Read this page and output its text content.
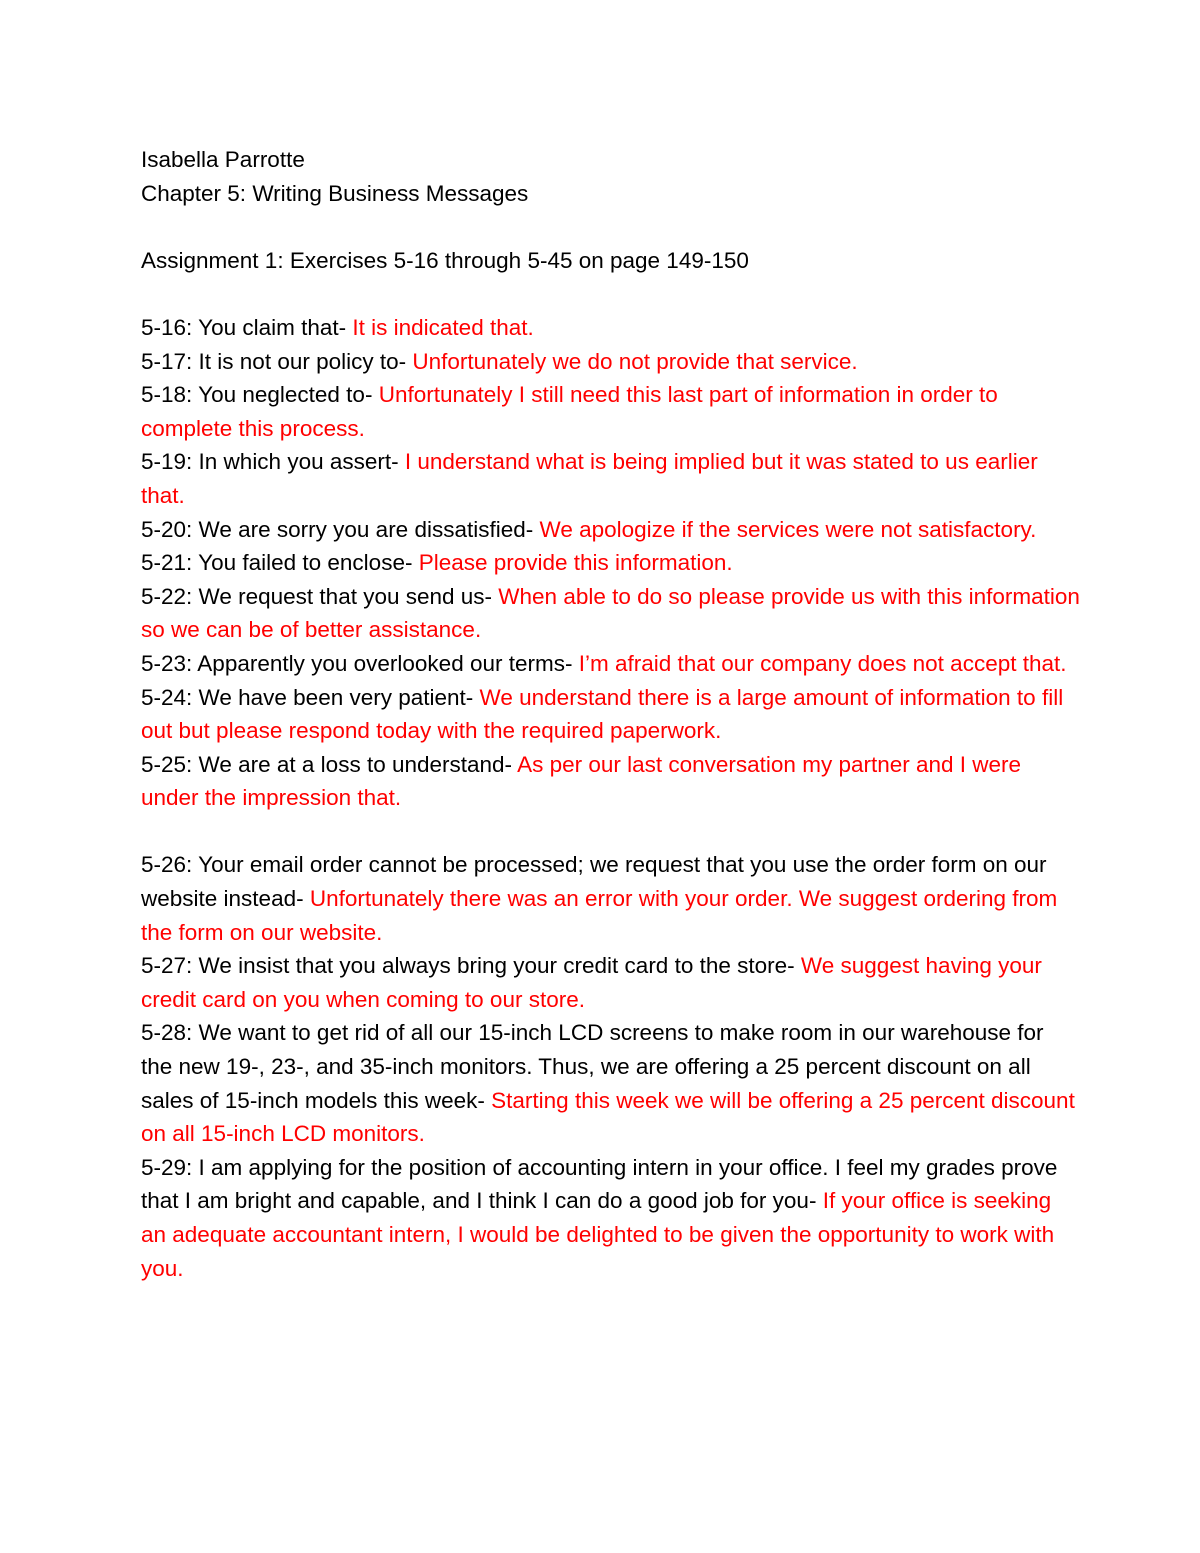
Isabella Parrotte

Chapter 5: Writing Business Messages

Assignment 1: Exercises 5-16 through 5-45 on page 149-150

5-16: You claim that- It is indicated that.

5-17: It is not our policy to- Unfortunately we do not provide that service.

5-18: You neglected to- Unfortunately I still need this last part of information in order to complete this process.

5-19: In which you assert- I understand what is being implied but it was stated to us earlier that.

5-20: We are sorry you are dissatisfied- We apologize if the services were not satisfactory.

5-21: You failed to enclose- Please provide this information.

5-22: We request that you send us- When able to do so please provide us with this information so we can be of better assistance.

5-23: Apparently you overlooked our terms- I’m afraid that our company does not accept that.

5-24: We have been very patient- We understand there is a large amount of information to fill out but please respond today with the required paperwork.

5-25: We are at a loss to understand- As per our last conversation my partner and I were under the impression that.

5-26: Your email order cannot be processed; we request that you use the order form on our website instead- Unfortunately there was an error with your order. We suggest ordering from the form on our website.

5-27: We insist that you always bring your credit card to the store- We suggest having your credit card on you when coming to our store.

5-28: We want to get rid of all our 15-inch LCD screens to make room in our warehouse for the new 19-, 23-, and 35-inch monitors. Thus, we are offering a 25 percent discount on all sales of 15-inch models this week- Starting this week we will be offering a 25 percent discount on all 15-inch LCD monitors.

5-29: I am applying for the position of accounting intern in your office. I feel my grades prove that I am bright and capable, and I think I can do a good job for you- If your office is seeking an adequate accountant intern, I would be delighted to be given the opportunity to work with you.
